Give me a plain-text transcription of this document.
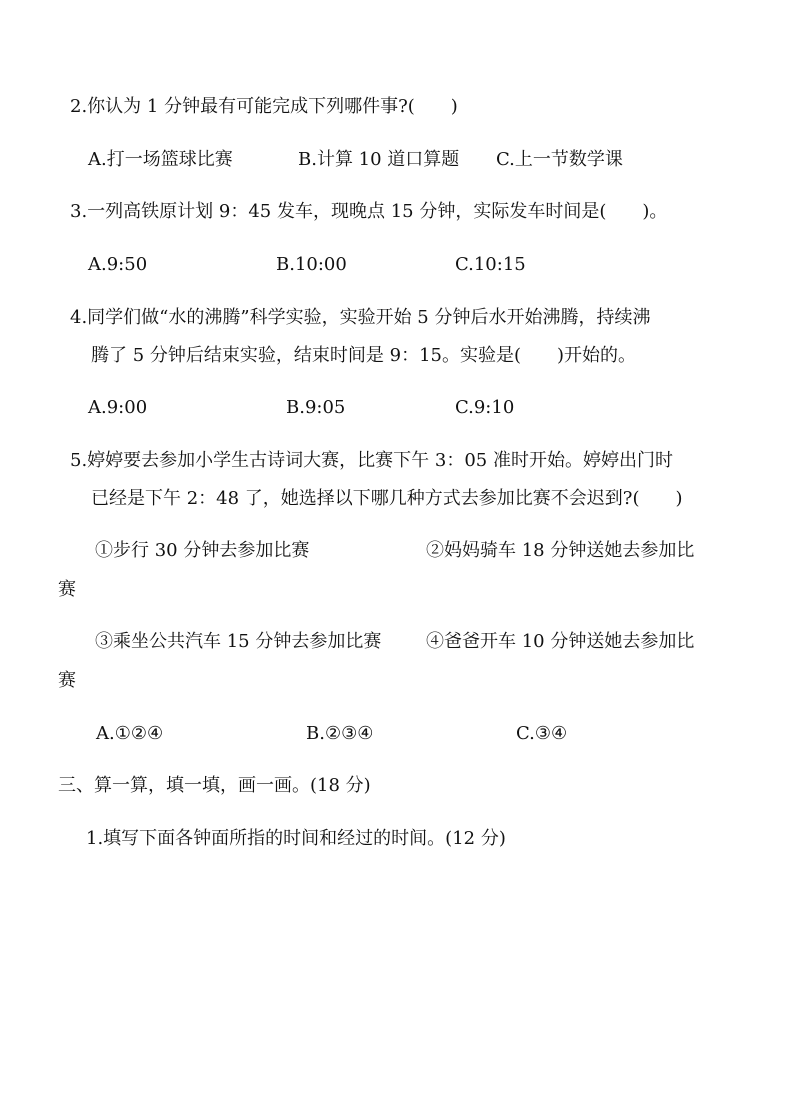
2.你认为 1 分钟最有可能完成下列哪件事?(　　)
A.打一场篮球比赛	B.计算 10 道口算题 C.上一节数学课
3.一列高铁原计划 9：45 发车，现晚点 15 分钟，实际发车时间是(　　)。
A.9:50	B.10:00	C.10:15
4.同学们做“水的沸腾”科学实验，实验开始 5 分钟后水开始沸腾，持续沸
腾了 5 分钟后结束实验，结束时间是 9：15。实验是(　　)开始的。
A.9:00	B.9:05	C.9:10
5.婷婷要去参加小学生古诗词大赛，比赛下午 3：05 准时开始。婷婷出门时
已经是下午 2：48 了，她选择以下哪几种方式去参加比赛不会迟到?(　　)
①步行 30 分钟去参加比赛	②妈妈骑车 18 分钟送她去参加比
赛
③乘坐公共汽车 15 分钟去参加比赛 ④爸爸开车 10 分钟送她去参加比
赛
A.①②④	B.②③④	C.③④
三、算一算，填一填，画一画。(18 分)
1.填写下面各钟面所指的时间和经过的时间。(12 分)
